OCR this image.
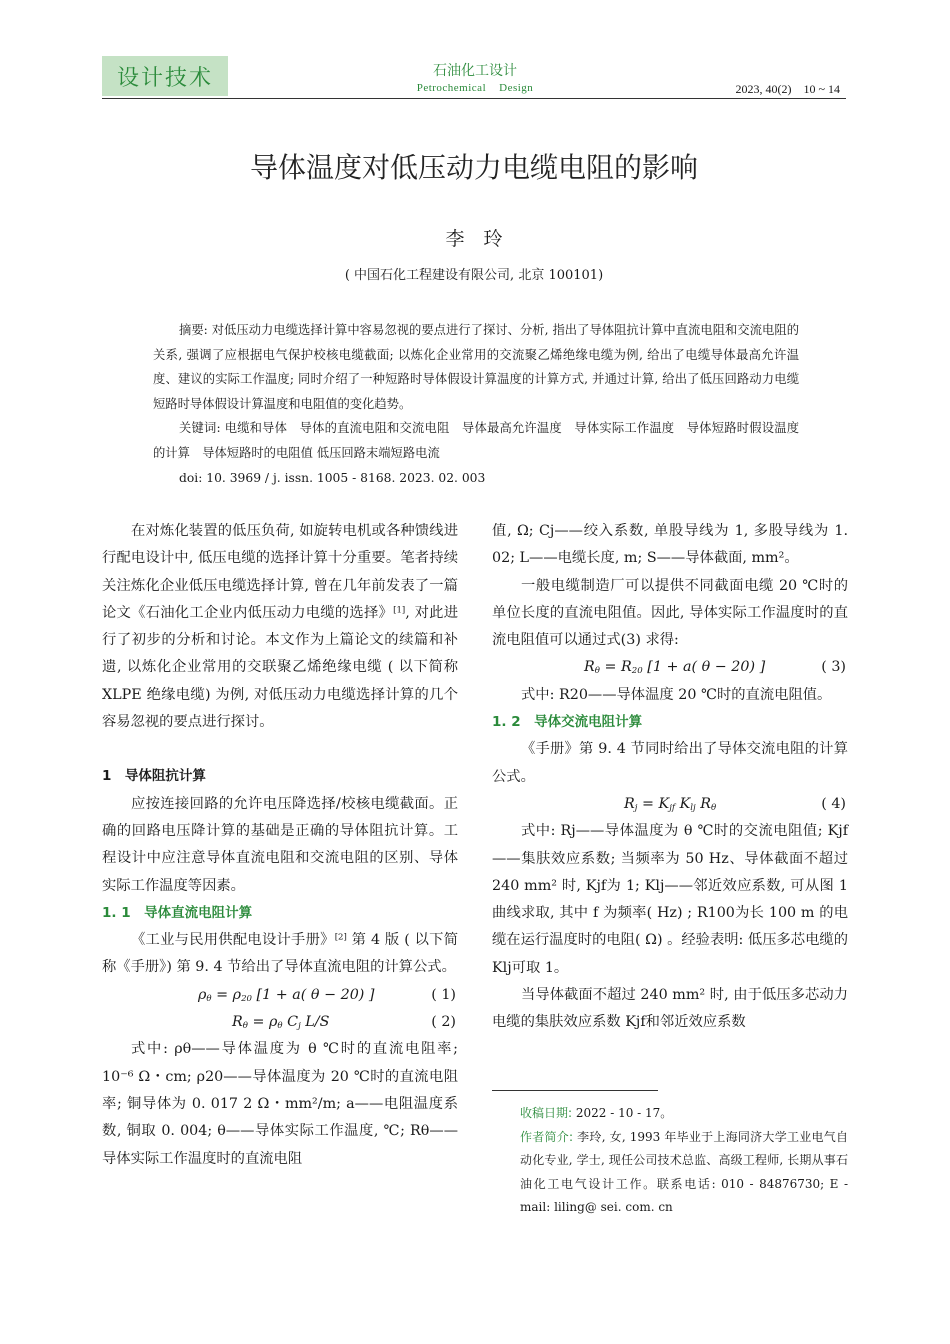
设计技术	石油化工设计
Petrochemical    Design	2023, 40(2)    10 ~ 14
导体温度对低压动力电缆电阻的影响
李　玲
( 中国石化工程建设有限公司, 北京 100101)

摘要: 对低压动力电缆选择计算中容易忽视的要点进行了探讨、分析, 指出了导体阻抗计算中直流电阻和交流电阻的关系, 强调了应根据电气保护校核电缆截面; 以炼化企业常用的交流聚乙烯绝缘电缆为例, 给出了电缆导体最高允许温度、建议的实际工作温度; 同时介绍了一种短路时导体假设计算温度的计算方式, 并通过计算, 给出了低压回路动力电缆短路时导体假设计算温度和电阻值的变化趋势。

关键词: 电缆和导体　导体的直流电阻和交流电阻　导体最高允许温度　导体实际工作温度　导体短路时假设温度的计算　导体短路时的电阻值 低压回路末端短路电流

doi: 10. 3969 / j. issn. 1005 - 8168. 2023. 02. 003

在对炼化装置的低压负荷, 如旋转电机或各种馈线进行配电设计中, 低压电缆的选择计算十分重要。笔者持续关注炼化企业低压电缆选择计算, 曾在几年前发表了一篇论文《石油化工企业内低压动力电缆的选择》[1], 对此进行了初步的分析和讨论。本文作为上篇论文的续篇和补遗, 以炼化企业常用的交联聚乙烯绝缘电缆 ( 以下简称 XLPE 绝缘电缆) 为例, 对低压动力电缆选择计算的几个容易忽视的要点进行探讨。

1　导体阻抗计算

应按连接回路的允许电压降选择/校核电缆截面。正确的回路电压降计算的基础是正确的导体阻抗计算。工程设计中应注意导体直流电阻和交流电阻的区别、导体实际工作温度等因素。

1. 1　导体直流电阻计算

《工业与民用供配电设计手册》[2] 第 4 版 ( 以下简称《手册》) 第 9. 4 节给出了导体直流电阻的计算公式。

$\rho_\theta = \rho_{20}$ [1 + a( θ − 20) ]	( 1)
$R_\theta = \rho_\theta$ $C_j$ L/S	( 2)

式中: ρθ——导体温度为 θ ℃时的直流电阻率; 10⁻⁶ Ω・cm; ρ20——导体温度为 20 ℃时的直流电阻率; 铜导体为 0. 017 2 Ω・mm²/m; a——电阻温度系数, 铜取 0. 004; θ——导体实际工作温度, ℃; Rθ——导体实际工作温度时的直流电阻

值, Ω; Cj——绞入系数, 单股导线为 1, 多股导线为 1. 02; L——电缆长度, m; S——导体截面, mm²。

一般电缆制造厂可以提供不同截面电缆 20 ℃时的单位长度的直流电阻值。因此, 导体实际工作温度时的直流电阻值可以通过式(3) 求得:

$R_\theta = R_{20}$ [1 + a( θ − 20) ]	( 3)

式中: R20——导体温度 20 ℃时的直流电阻值。

1. 2　导体交流电阻计算

《手册》第 9. 4 节同时给出了导体交流电阻的计算公式。

$R_j = K_{jf}$ $K_{lj}$ $R_\theta$	( 4)

式中: Rj——导体温度为 θ ℃时的交流电阻值; Kjf——集肤效应系数; 当频率为 50 Hz、导体截面不超过 240 mm² 时, Kjf为 1; Klj——邻近效应系数, 可从图 1 曲线求取, 其中 f 为频率( Hz) ; R100为长 100 m 的电缆在运行温度时的电阻( Ω) 。经验表明: 低压多芯电缆的 Klj可取 1。

当导体截面不超过 240 mm² 时, 由于低压多芯动力电缆的集肤效应系数 Kjf和邻近效应系数

收稿日期: 2022 - 10 - 17。

作者简介: 李玲, 女, 1993 年毕业于上海同济大学工业电气自动化专业, 学士, 现任公司技术总监、高级工程师, 长期从事石油化工电气设计工作。联系电话: 010 - 84876730; E - mail: liling@ sei. com. cn
